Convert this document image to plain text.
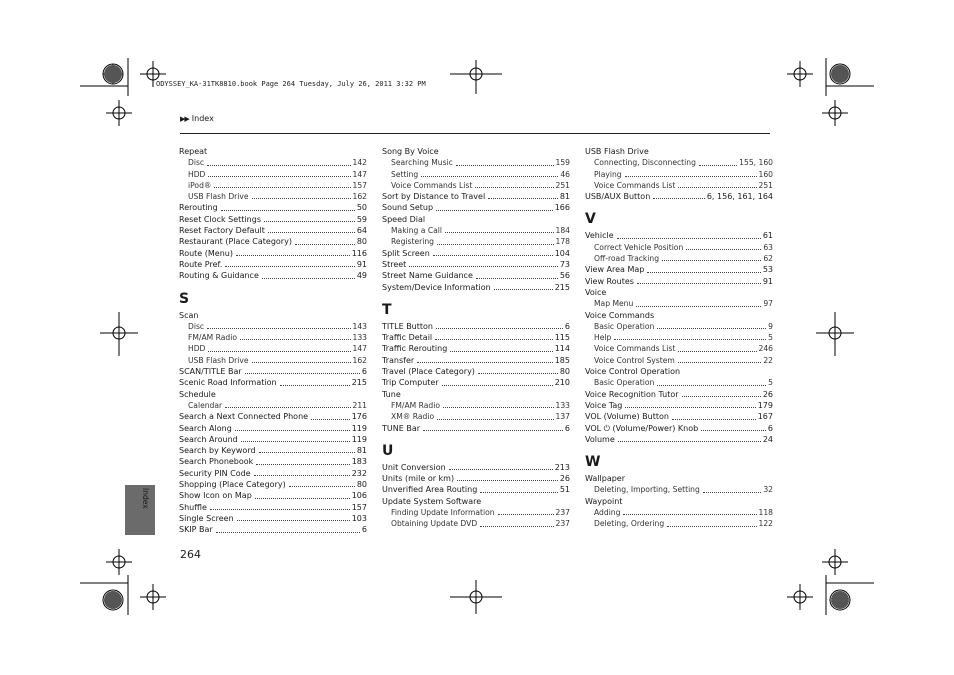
ODYSSEY_KA-31TK8810.book Page 264 Tuesday, July 26, 2011 3:32 PM
▶▶ Index
Repeat
Disc	142
HDD	147
iPod®	157
USB Flash Drive	162
Rerouting	50
Reset Clock Settings	59
Reset Factory Default	64
Restaurant (Place Category)	80
Route (Menu)	116
Route Pref.	91
Routing & Guidance	49
S
Scan
Disc	143
FM/AM Radio	133
HDD	147
USB Flash Drive	162
SCAN/TITLE Bar	6
Scenic Road Information	215
Schedule
Calendar	211
Search a Next Connected Phone	176
Search Along	119
Search Around	119
Search by Keyword	81
Search Phonebook	183
Security PIN Code	232
Shopping (Place Category)	80
Show Icon on Map	106
Shuffle	157
Single Screen	103
SKIP Bar	6
Song By Voice
Searching Music	159
Setting	46
Voice Commands List	251
Sort by Distance to Travel	81
Sound Setup	166
Speed Dial
Making a Call	184
Registering	178
Split Screen	104
Street	73
Street Name Guidance	56
System/Device Information	215
T
TITLE Button	6
Traffic Detail	115
Traffic Rerouting	114
Transfer	185
Travel (Place Category)	80
Trip Computer	210
Tune
FM/AM Radio	133
XM® Radio	137
TUNE Bar	6
U
Unit Conversion	213
Units (mile or km)	26
Unverified Area Routing	51
Update System Software
Finding Update Information	237
Obtaining Update DVD	237
USB Flash Drive
Connecting, Disconnecting	155, 160
Playing	160
Voice Commands List	251
USB/AUX Button	6, 156, 161, 164
V
Vehicle	61
Correct Vehicle Position	63
Off-road Tracking	62
View Area Map	53
View Routes	91
Voice
Map Menu	97
Voice Commands
Basic Operation	9
Help	5
Voice Commands List	246
Voice Control System	22
Voice Control Operation
Basic Operation	5
Voice Recognition Tutor	26
Voice Tag	179
VOL (Volume) Button	167
VOL ⏻ (Volume/Power) Knob	6
Volume	24
W
Wallpaper
Deleting, Importing, Setting	32
Waypoint
Adding	118
Deleting, Ordering	122
Index
264
